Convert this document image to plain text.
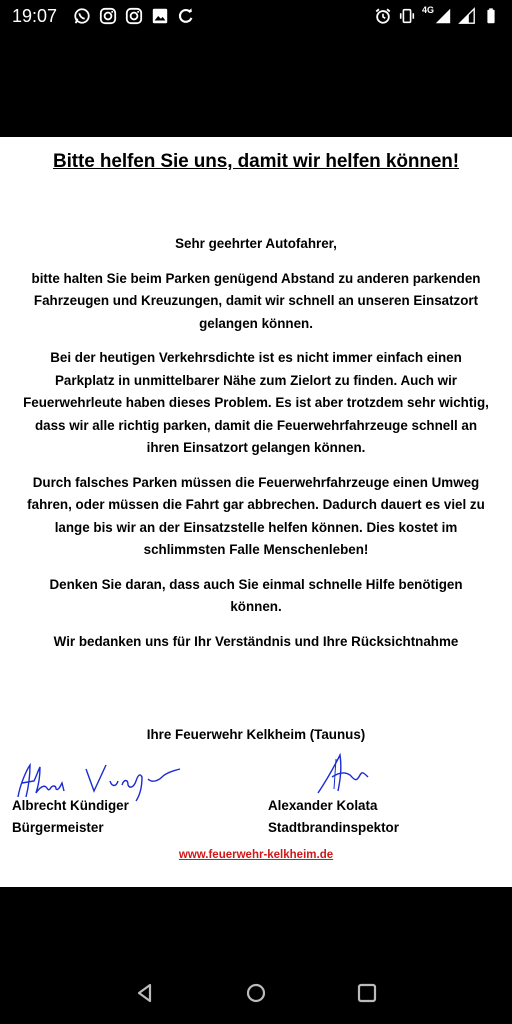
19:07	4G
Bitte helfen Sie uns, damit wir helfen können!

Sehr geehrter Autofahrer,

bitte halten Sie beim Parken genügend Abstand zu anderen parkenden Fahrzeugen und Kreuzungen, damit wir schnell an unseren Einsatzort gelangen können.

Bei der heutigen Verkehrsdichte ist es nicht immer einfach einen Parkplatz in unmittelbarer Nähe zum Zielort zu finden. Auch wir Feuerwehrleute haben dieses Problem. Es ist aber trotzdem sehr wichtig, dass wir alle richtig parken, damit die Feuerwehrfahrzeuge schnell an ihren Einsatzort gelangen können.

Durch falsches Parken müssen die Feuerwehrfahrzeuge einen Umweg fahren, oder müssen die Fahrt gar abbrechen. Dadurch dauert es viel zu lange bis wir an der Einsatzstelle helfen können. Dies kostet im schlimmsten Falle Menschenleben!

Denken Sie daran, dass auch Sie einmal schnelle Hilfe benötigen können.

Wir bedanken uns für Ihr Verständnis und Ihre Rücksichtnahme
Ihre Feuerwehr Kelkheim (Taunus)
Albrecht Kündiger
Bürgermeister
Alexander Kolata
Stadtbrandinspektor
www.feuerwehr-kelkheim.de
